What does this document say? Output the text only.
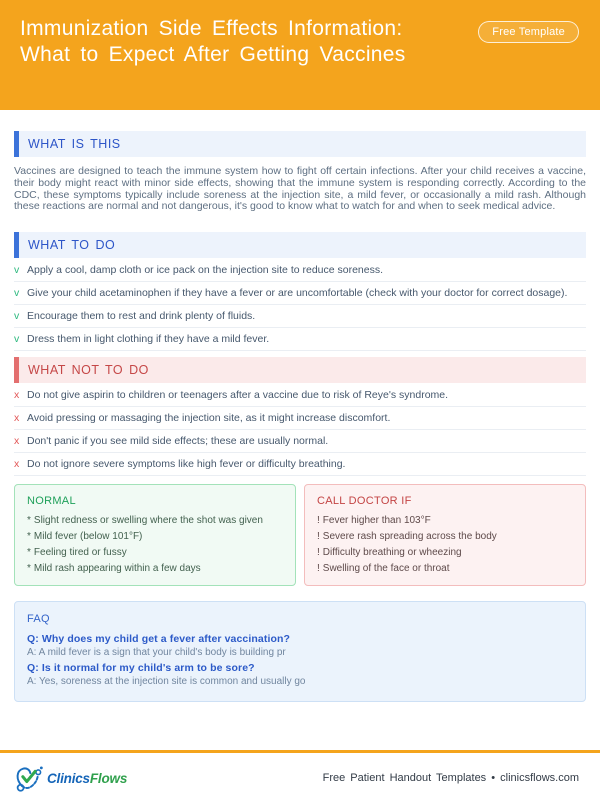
Immunization Side Effects Information:
What to Expect After Getting Vaccines
Free Template
WHAT IS THIS

Vaccines are designed to teach the immune system how to fight off certain infections. After your child receives a vaccine, their body might react with minor side effects, showing that the immune system is responding correctly. According to the CDC, these symptoms typically include soreness at the injection site, a mild fever, or occasionally a mild rash. Although these reactions are normal and not dangerous, it's good to know what to watch for and when to seek medical advice.

WHAT TO DO
v Apply a cool, damp cloth or ice pack on the injection site to reduce soreness.
v Give your child acetaminophen if they have a fever or are uncomfortable (check with your doctor for correct dosage).
v Encourage them to rest and drink plenty of fluids.
v Dress them in light clothing if they have a mild fever.
WHAT NOT TO DO
x Do not give aspirin to children or teenagers after a vaccine due to risk of Reye's syndrome.
x Avoid pressing or massaging the injection site, as it might increase discomfort.
x Don't panic if you see mild side effects; these are usually normal.
x Do not ignore severe symptoms like high fever or difficulty breathing.
NORMAL
* Slight redness or swelling where the shot was given
* Mild fever (below 101°F)
* Feeling tired or fussy
* Mild rash appearing within a few days
CALL DOCTOR IF
! Fever higher than 103°F
! Severe rash spreading across the body
! Difficulty breathing or wheezing
! Swelling of the face or throat
FAQ
Q: Why does my child get a fever after vaccination?
A: A mild fever is a sign that your child's body is building pr
Q: Is it normal for my child's arm to be sore?
A: Yes, soreness at the injection site is common and usually go
ClinicsFlows	Free Patient Handout Templates • clinicsflows.com
